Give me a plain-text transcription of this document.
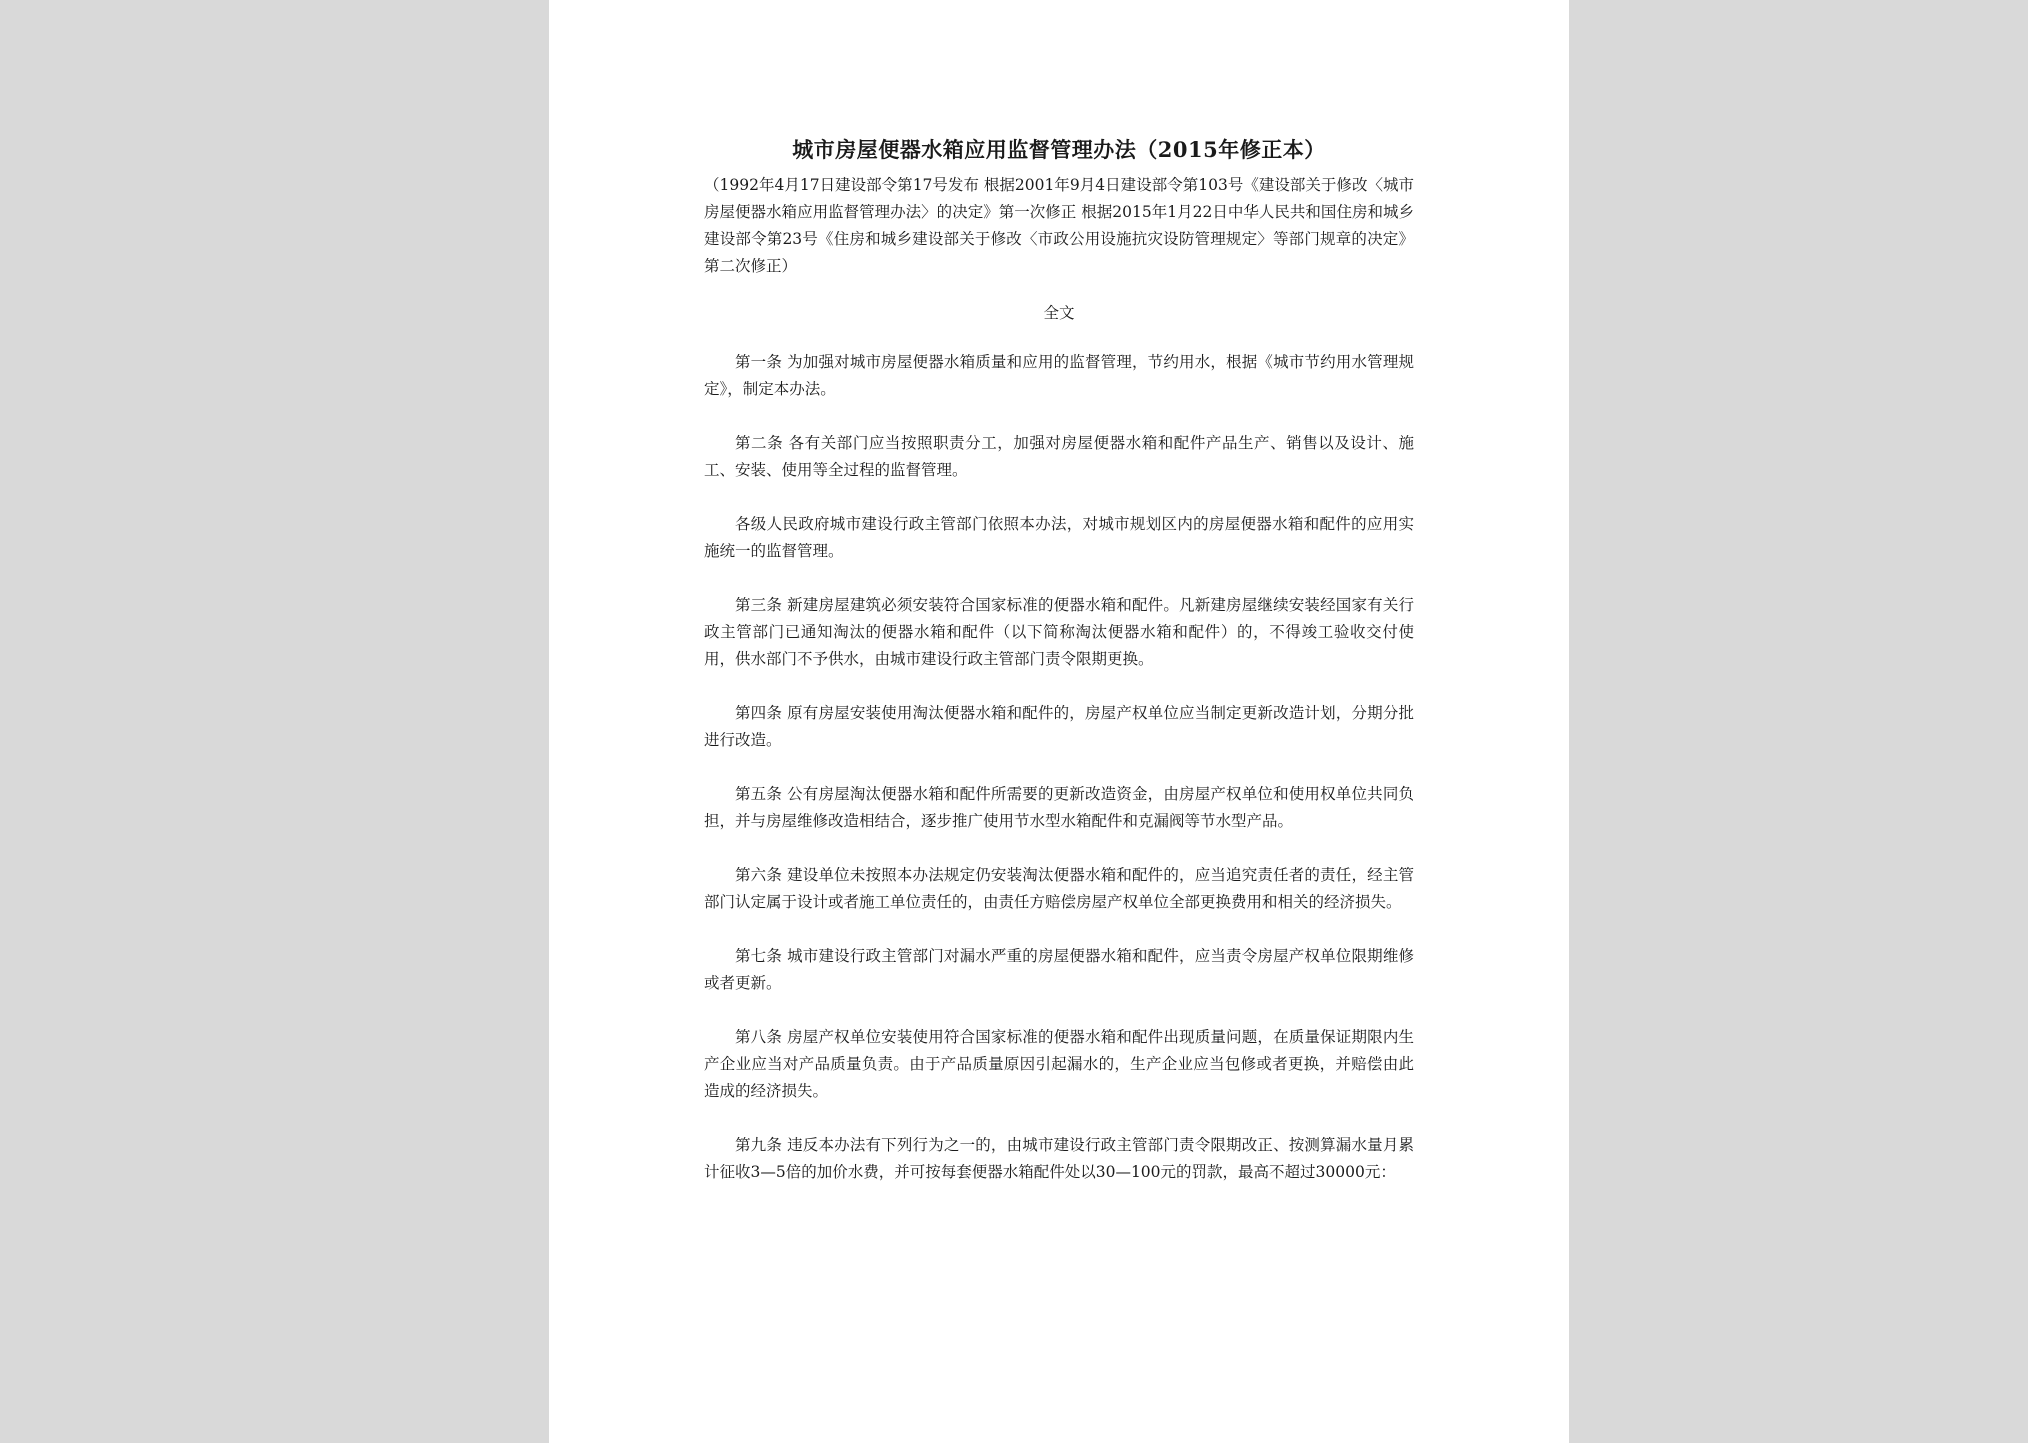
城市房屋便器水箱应用监督管理办法（2015年修正本）

（1992年4月17日建设部令第17号发布 根据2001年9月4日建设部令第103号《建设部关于修改〈城市房屋便器水箱应用监督管理办法〉的决定》第一次修正 根据2015年1月22日中华人民共和国住房和城乡建设部令第23号《住房和城乡建设部关于修改〈市政公用设施抗灾设防管理规定〉等部门规章的决定》第二次修正）

全文

第一条 为加强对城市房屋便器水箱质量和应用的监督管理，节约用水，根据《城市节约用水管理规定》，制定本办法。

第二条 各有关部门应当按照职责分工，加强对房屋便器水箱和配件产品生产、销售以及设计、施工、安装、使用等全过程的监督管理。

各级人民政府城市建设行政主管部门依照本办法，对城市规划区内的房屋便器水箱和配件的应用实施统一的监督管理。

第三条 新建房屋建筑必须安装符合国家标准的便器水箱和配件。凡新建房屋继续安装经国家有关行政主管部门已通知淘汰的便器水箱和配件（以下简称淘汰便器水箱和配件）的，不得竣工验收交付使用，供水部门不予供水，由城市建设行政主管部门责令限期更换。

第四条 原有房屋安装使用淘汰便器水箱和配件的，房屋产权单位应当制定更新改造计划，分期分批进行改造。

第五条 公有房屋淘汰便器水箱和配件所需要的更新改造资金，由房屋产权单位和使用权单位共同负担，并与房屋维修改造相结合，逐步推广使用节水型水箱配件和克漏阀等节水型产品。

第六条 建设单位未按照本办法规定仍安装淘汰便器水箱和配件的，应当追究责任者的责任，经主管部门认定属于设计或者施工单位责任的，由责任方赔偿房屋产权单位全部更换费用和相关的经济损失。

第七条 城市建设行政主管部门对漏水严重的房屋便器水箱和配件，应当责令房屋产权单位限期维修或者更新。

第八条 房屋产权单位安装使用符合国家标准的便器水箱和配件出现质量问题，在质量保证期限内生产企业应当对产品质量负责。由于产品质量原因引起漏水的，生产企业应当包修或者更换，并赔偿由此造成的经济损失。

第九条 违反本办法有下列行为之一的，由城市建设行政主管部门责令限期改正、按测算漏水量月累计征收3—5倍的加价水费，并可按每套便器水箱配件处以30—100元的罚款，最高不超过30000元：
